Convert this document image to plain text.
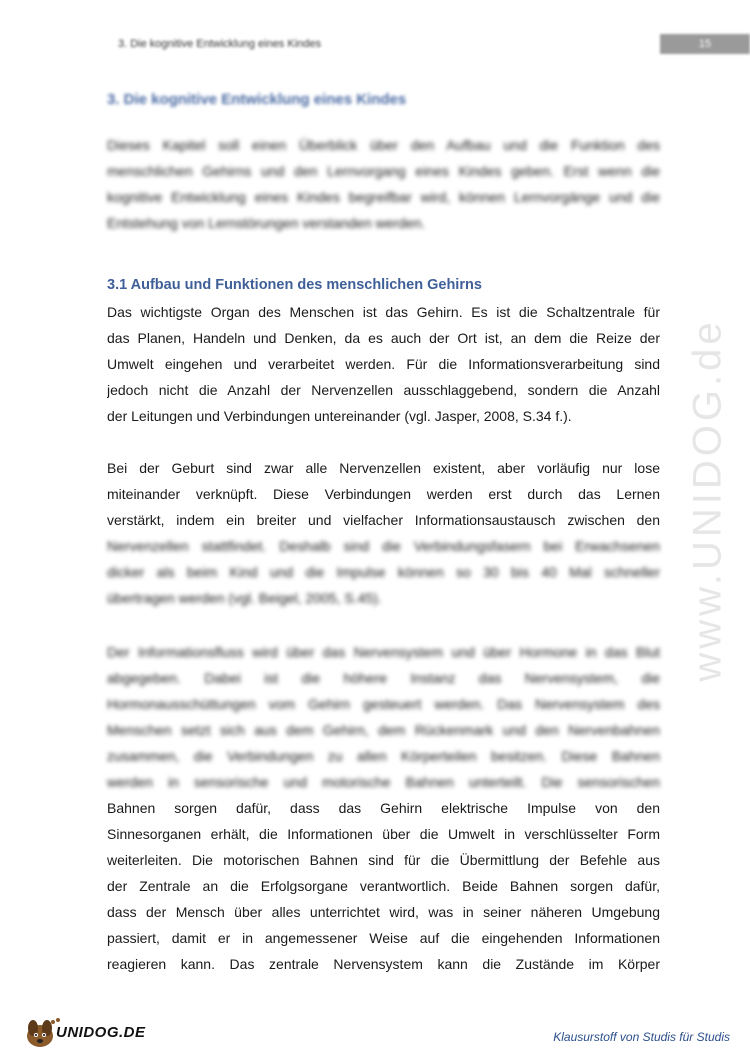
3. Die kognitive Entwicklung eines Kindes	15
3. Die kognitive Entwicklung eines Kindes

Dieses Kapitel soll einen Überblick über den Aufbau und die Funktion des
menschlichen Gehirns und den Lernvorgang eines Kindes geben. Erst wenn die
kognitive Entwicklung eines Kindes begreifbar wird, können Lernvorgänge und die
Entstehung von Lernstörungen verstanden werden.

3.1 Aufbau und Funktionen des menschlichen Gehirns

Das wichtigste Organ des Menschen ist das Gehirn. Es ist die Schaltzentrale für
das Planen, Handeln und Denken, da es auch der Ort ist, an dem die Reize der
Umwelt eingehen und verarbeitet werden. Für die Informationsverarbeitung sind
jedoch nicht die Anzahl der Nervenzellen ausschlaggebend, sondern die Anzahl
der Leitungen und Verbindungen untereinander (vgl. Jasper, 2008, S.34 f.).

Bei der Geburt sind zwar alle Nervenzellen existent, aber vorläufig nur lose
miteinander verknüpft. Diese Verbindungen werden erst durch das Lernen
verstärkt, indem ein breiter und vielfacher Informationsaustausch zwischen den
Nervenzellen stattfindet. Deshalb sind die Verbindungsfasern bei Erwachsenen
dicker als beim Kind und die Impulse können so 30 bis 40 Mal schneller
übertragen werden (vgl. Beigel, 2005, S.45).

Der Informationsfluss wird über das Nervensystem und über Hormone in das Blut
abgegeben. Dabei ist die höhere Instanz das Nervensystem, die
Hormonausschüttungen vom Gehirn gesteuert werden. Das Nervensystem des
Menschen setzt sich aus dem Gehirn, dem Rückenmark und den Nervenbahnen
zusammen, die Verbindungen zu allen Körperteilen besitzen. Diese Bahnen
werden in sensorische und motorische Bahnen unterteilt. Die sensorischen
Bahnen sorgen dafür, dass das Gehirn elektrische Impulse von den
Sinnesorganen erhält, die Informationen über die Umwelt in verschlüsselter Form
weiterleiten. Die motorischen Bahnen sind für die Übermittlung der Befehle aus
der Zentrale an die Erfolgsorgane verantwortlich. Beide Bahnen sorgen dafür,
dass der Mensch über alles unterrichtet wird, was in seiner näheren Umgebung
passiert, damit er in angemessener Weise auf die eingehenden Informationen
reagieren kann. Das zentrale Nervensystem kann die Zustände im Körper

www.UNIDOG.de
UNIDOG.DE	Klausurstoff von Studis für Studis
